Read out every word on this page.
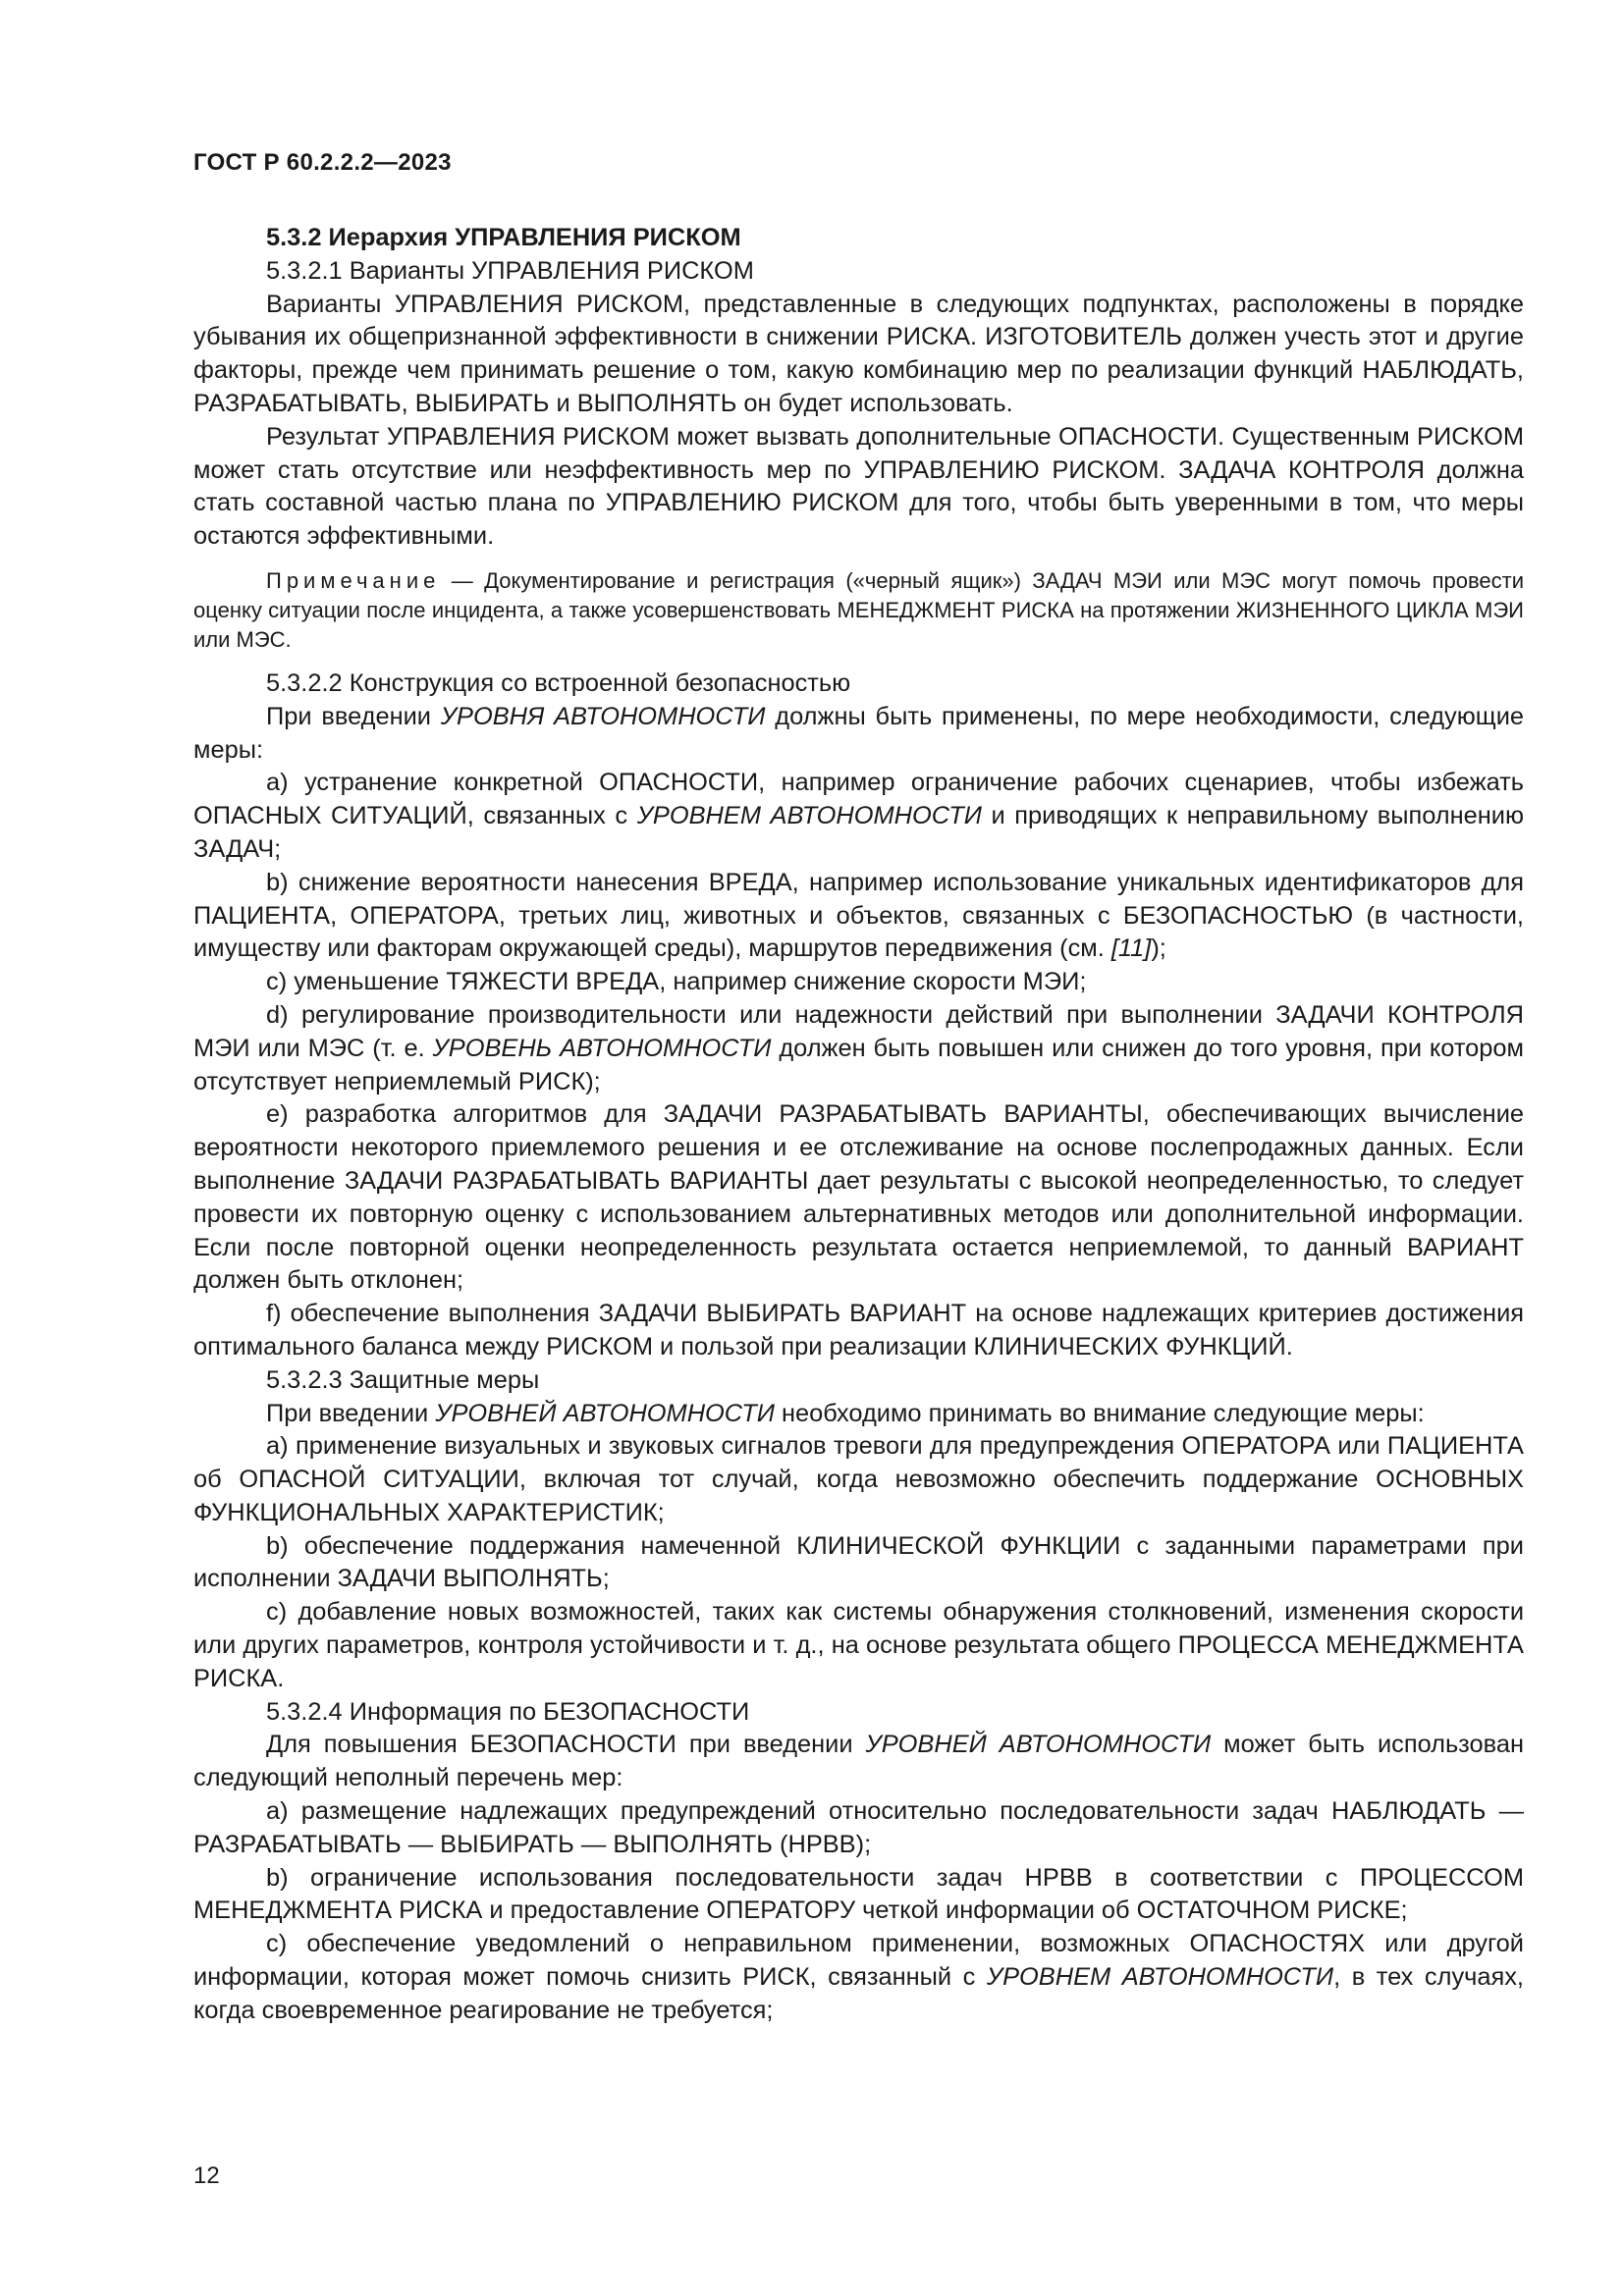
ГОСТ Р 60.2.2.2—2023

5.3.2 Иерархия УПРАВЛЕНИЯ РИСКОМ

5.3.2.1 Варианты УПРАВЛЕНИЯ РИСКОМ

Варианты УПРАВЛЕНИЯ РИСКОМ, представленные в следующих подпунктах, расположены в порядке убывания их общепризнанной эффективности в снижении РИСКА. ИЗГОТОВИТЕЛЬ должен учесть этот и другие факторы, прежде чем принимать решение о том, какую комбинацию мер по реализации функций НАБЛЮДАТЬ, РАЗРАБАТЫВАТЬ, ВЫБИРАТЬ и ВЫПОЛНЯТЬ он будет использовать.

Результат УПРАВЛЕНИЯ РИСКОМ может вызвать дополнительные ОПАСНОСТИ. Существенным РИСКОМ может стать отсутствие или неэффективность мер по УПРАВЛЕНИЮ РИСКОМ. ЗАДАЧА КОНТРОЛЯ должна стать составной частью плана по УПРАВЛЕНИЮ РИСКОМ для того, чтобы быть уверенными в том, что меры остаются эффективными.

Примечание — Документирование и регистрация («черный ящик») ЗАДАЧ МЭИ или МЭС могут помочь провести оценку ситуации после инцидента, а также усовершенствовать МЕНЕДЖМЕНТ РИСКА на протяжении ЖИЗНЕННОГО ЦИКЛА МЭИ или МЭС.

5.3.2.2 Конструкция со встроенной безопасностью

При введении УРОВНЯ АВТОНОМНОСТИ должны быть применены, по мере необходимости, следующие меры:

a) устранение конкретной ОПАСНОСТИ, например ограничение рабочих сценариев, чтобы избежать ОПАСНЫХ СИТУАЦИЙ, связанных с УРОВНЕМ АВТОНОМНОСТИ и приводящих к неправильному выполнению ЗАДАЧ;

b) снижение вероятности нанесения ВРЕДА, например использование уникальных идентификаторов для ПАЦИЕНТА, ОПЕРАТОРА, третьих лиц, животных и объектов, связанных с БЕЗОПАСНОСТЬЮ (в частности, имуществу или факторам окружающей среды), маршрутов передвижения (см. [11]);

c) уменьшение ТЯЖЕСТИ ВРЕДА, например снижение скорости МЭИ;

d) регулирование производительности или надежности действий при выполнении ЗАДАЧИ КОНТРОЛЯ МЭИ или МЭС (т. е. УРОВЕНЬ АВТОНОМНОСТИ должен быть повышен или снижен до того уровня, при котором отсутствует неприемлемый РИСК);

e) разработка алгоритмов для ЗАДАЧИ РАЗРАБАТЫВАТЬ ВАРИАНТЫ, обеспечивающих вычисление вероятности некоторого приемлемого решения и ее отслеживание на основе послепродажных данных. Если выполнение ЗАДАЧИ РАЗРАБАТЫВАТЬ ВАРИАНТЫ дает результаты с высокой неопределенностью, то следует провести их повторную оценку с использованием альтернативных методов или дополнительной информации. Если после повторной оценки неопределенность результата остается неприемлемой, то данный ВАРИАНТ должен быть отклонен;

f) обеспечение выполнения ЗАДАЧИ ВЫБИРАТЬ ВАРИАНТ на основе надлежащих критериев достижения оптимального баланса между РИСКОМ и пользой при реализации КЛИНИЧЕСКИХ ФУНКЦИЙ.

5.3.2.3 Защитные меры

При введении УРОВНЕЙ АВТОНОМНОСТИ необходимо принимать во внимание следующие меры:

a) применение визуальных и звуковых сигналов тревоги для предупреждения ОПЕРАТОРА или ПАЦИЕНТА об ОПАСНОЙ СИТУАЦИИ, включая тот случай, когда невозможно обеспечить поддержание ОСНОВНЫХ ФУНКЦИОНАЛЬНЫХ ХАРАКТЕРИСТИК;

b) обеспечение поддержания намеченной КЛИНИЧЕСКОЙ ФУНКЦИИ с заданными параметрами при исполнении ЗАДАЧИ ВЫПОЛНЯТЬ;

c) добавление новых возможностей, таких как системы обнаружения столкновений, изменения скорости или других параметров, контроля устойчивости и т. д., на основе результата общего ПРОЦЕССА МЕНЕДЖМЕНТА РИСКА.

5.3.2.4 Информация по БЕЗОПАСНОСТИ

Для повышения БЕЗОПАСНОСТИ при введении УРОВНЕЙ АВТОНОМНОСТИ может быть использован следующий неполный перечень мер:

a) размещение надлежащих предупреждений относительно последовательности задач НАБЛЮДАТЬ — РАЗРАБАТЫВАТЬ — ВЫБИРАТЬ — ВЫПОЛНЯТЬ (НРВВ);

b) ограничение использования последовательности задач НРВВ в соответствии с ПРОЦЕССОМ МЕНЕДЖМЕНТА РИСКА и предоставление ОПЕРАТОРУ четкой информации об ОСТАТОЧНОМ РИСКЕ;

c) обеспечение уведомлений о неправильном применении, возможных ОПАСНОСТЯХ или другой информации, которая может помочь снизить РИСК, связанный с УРОВНЕМ АВТОНОМНОСТИ, в тех случаях, когда своевременное реагирование не требуется;

12
